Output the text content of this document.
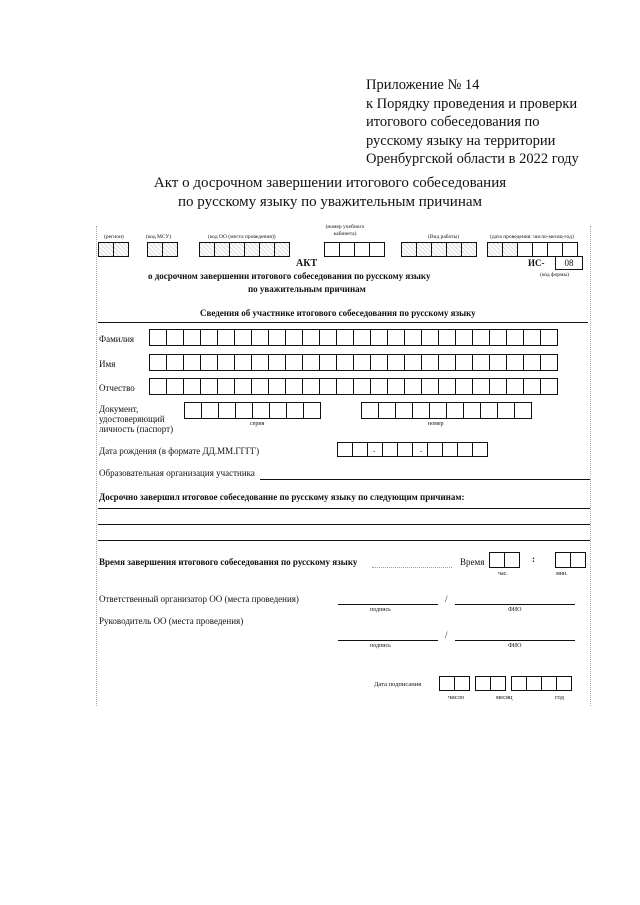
Приложение № 14
к Порядку проведения и проверки
итогового собеседования по
русскому языку на территории
Оренбургской области в 2022 году
Акт о досрочном завершении итогового собеседования
по русскому языку по уважительным причинам
(регион)	(код МСУ)	(код ОО (места проведения))
(номер учебного кабинета)	(Вид работы)	(дата проведения: число-месяц-год)
АКТ	ИС-	08
(код формы)
о досрочном завершении итогового собеседования по русскому языку
по уважительным причинам
Сведения об участнике итогового собеседования по русскому языку
Фамилия
Имя
Отчество
Документ,
удостоверяющий
личность (паспорт)	серия	номер
Дата рождения (в формате ДД.ММ.ГГГГ)	.	.
Образовательная организация участника
Досрочно завершил итоговое собеседование по русскому языку по следующим причинам:
Время завершения итогового собеседования по русскому языку	Время	:
час.	мин.
Ответственный организатор ОО (места проведения)	/
подпись	ФИО
Руководитель ОО (места проведения)
/
подпись	ФИО
Дата подписания
число	месяц	год
